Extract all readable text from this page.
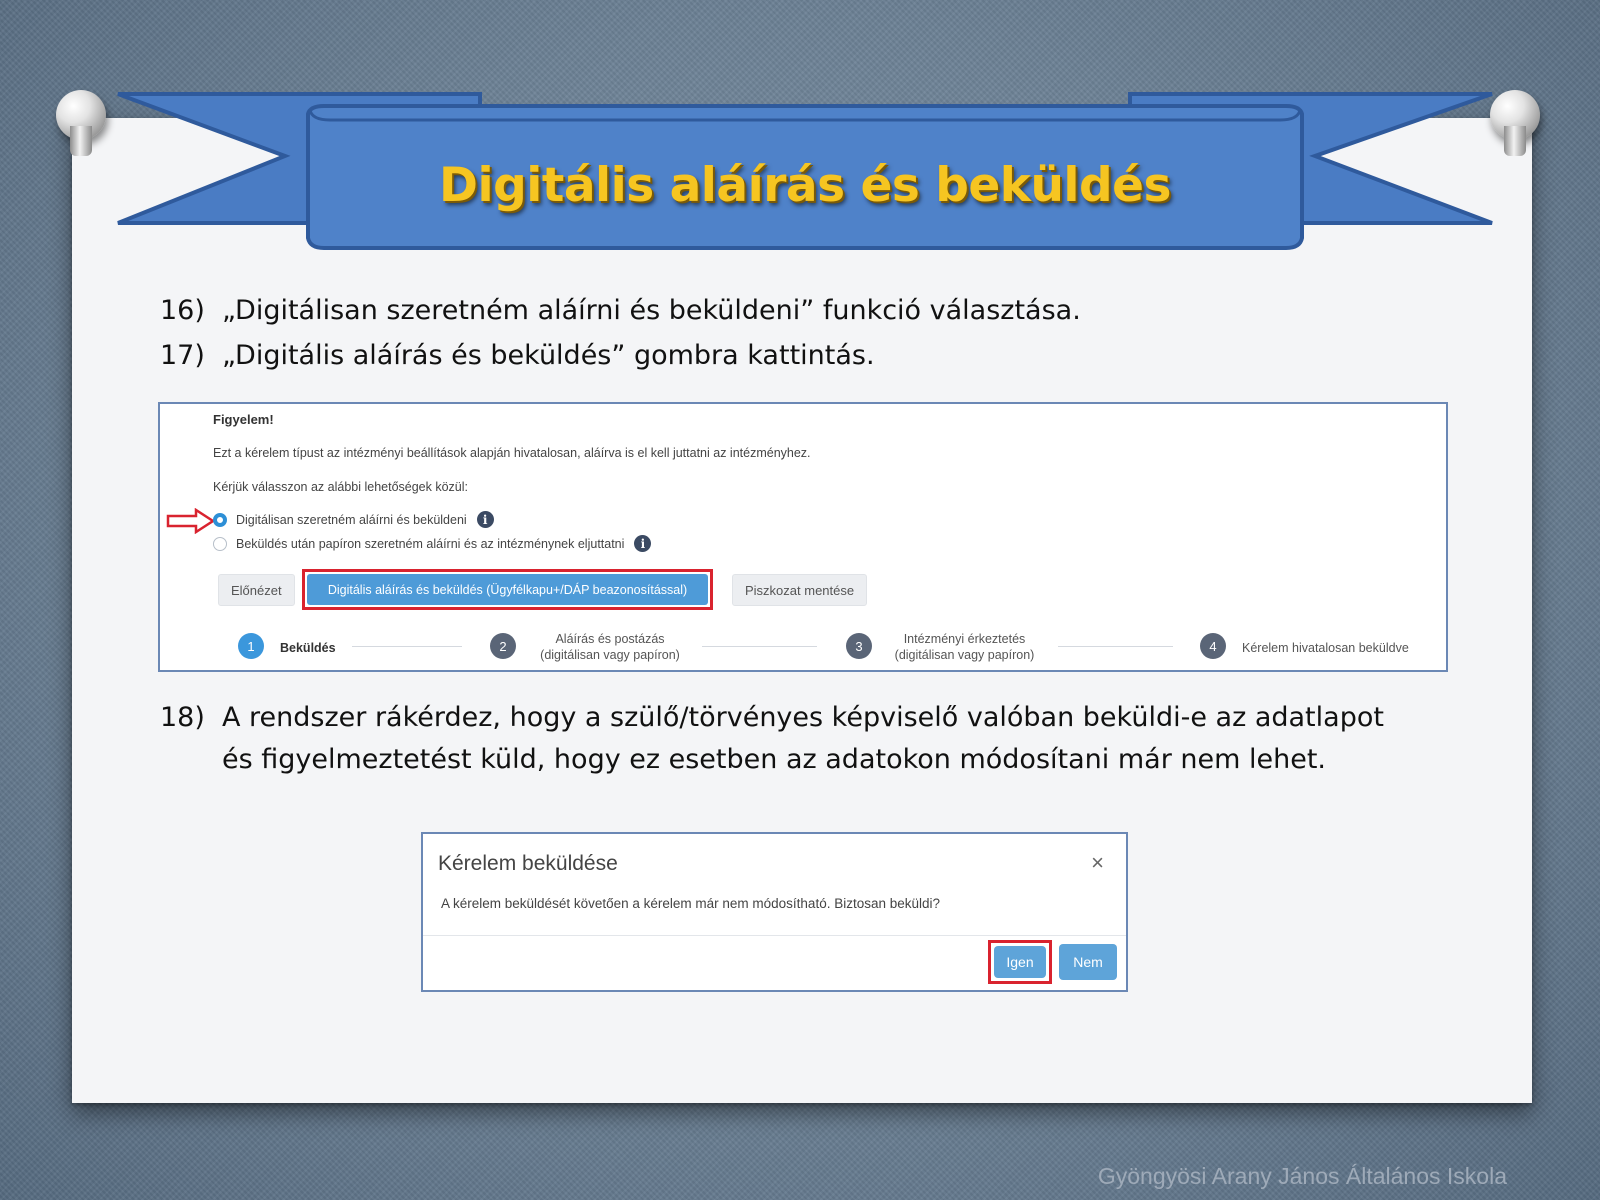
Digitális aláírás és beküldés
16) „Digitálisan szeretném aláírni és beküldeni” funkció választása.
17) „Digitális aláírás és beküldés” gombra kattintás.
Figyelem!
Ezt a kérelem típust az intézményi beállítások alapján hivatalosan, aláírva is el kell juttatni az intézményhez.
Kérjük válasszon az alábbi lehetőségek közül:
Digitálisan szeretném aláírni és beküldeni	i
Beküldés után papíron szeretném aláírni és az intézménynek eljuttatni	i
Előnézet	Digitális aláírás és beküldés (Ügyfélkapu+/DÁP beazonosítással)	Piszkozat mentése
1	Beküldés	2	Aláírás és postázás
(digitálisan vagy papíron)
3	Intézményi érkeztetés
(digitálisan vagy papíron)
4	Kérelem hivatalosan beküldve
18) A rendszer rákérdez, hogy a szülő/törvényes képviselő valóban beküldi-e az adatlapot és figyelmeztetést küld, hogy ez esetben az adatokon módosítani már nem lehet.
Kérelem beküldése	×
A kérelem beküldését követően a kérelem már nem módosítható. Biztosan beküldi?
Igen	Nem
Gyöngyösi Arany János Általános Iskola
